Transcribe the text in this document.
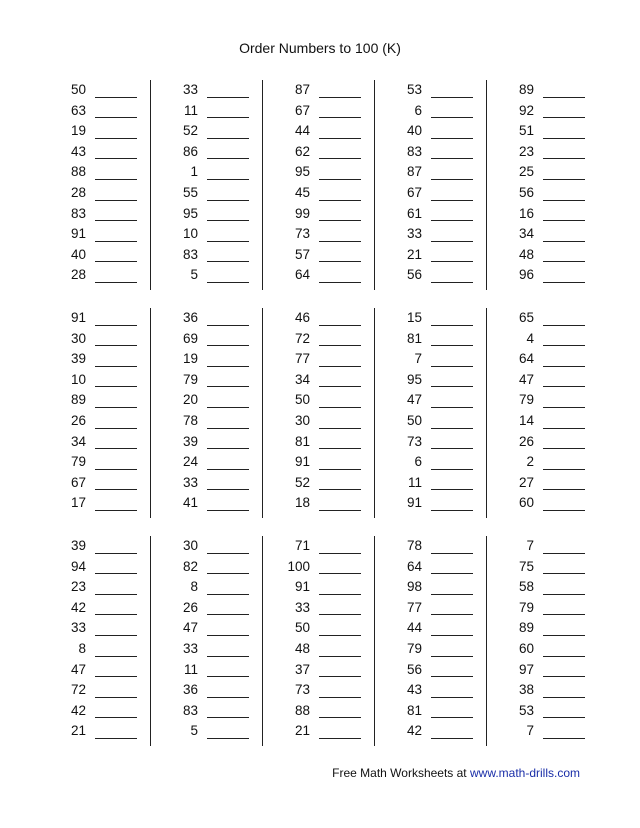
Order Numbers to 100 (K)
50
63
19
43
88
28
83
91
40
28
33
11
52
86
1
55
95
10
83
5
87
67
44
62
95
45
99
73
57
64
53
6
40
83
87
67
61
33
21
56
89
92
51
23
25
56
16
34
48
96
91
30
39
10
89
26
34
79
67
17
36
69
19
79
20
78
39
24
33
41
46
72
77
34
50
30
81
91
52
18
15
81
7
95
47
50
73
6
11
91
65
4
64
47
79
14
26
2
27
60
39
94
23
42
33
8
47
72
42
21
30
82
8
26
47
33
11
36
83
5
71
100
91
33
50
48
37
73
88
21
78
64
98
77
44
79
56
43
81
42
7
75
58
79
89
60
97
38
53
7
Free Math Worksheets at www.math-drills.com
